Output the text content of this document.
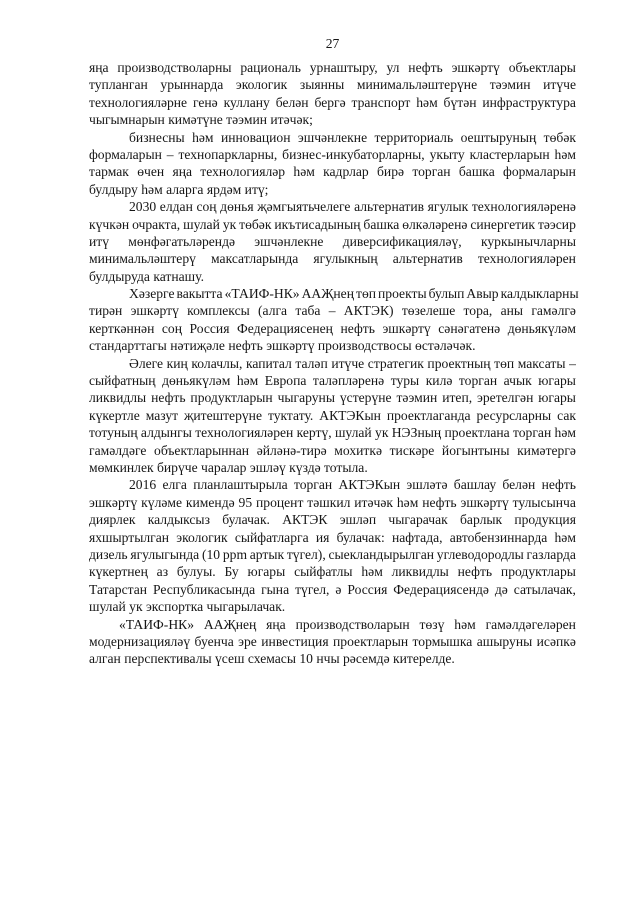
27
яңа производстволарны рациональ урнаштыру, ул нефть эшкәртү объектлары
тупланган урыннарда экологик зыянны минимальләштерүне тәэмин итүче
технологияләрне генә куллану белән бергә транспорт һәм бүтән инфраструктура
чыгымнарын кимәтүне тәэмин итәчәк;
бизнесны һәм инновацион эшчәнлекне территориаль оештыруның төбәк
формаларын – технопаркларны, бизнес-инкубаторларны, укыту кластерларын һәм
тармак өчен яңа технологияләр һәм кадрлар бирә торган башка формаларын
булдыру һәм аларга ярдәм итү;
2030 елдан соң дөнья җәмгыятьчелеге альтернатив ягулык технологияләренә
күчкән очракта, шулай ук төбәк икътисадының башка өлкәләренә синергетик тәэсир
итү мөнфәгатьләрендә эшчәнлекне диверсификацияләү, куркынычларны
минимальләштерү максатларында ягулыкның альтернатив технологияләрен
булдыруда катнашу.
Хәзерге вакытта «ТАИФ-НК» ААҖнең төп проекты булып Авыр калдыкларны
тирән эшкәртү комплексы (алга таба – АКТЭК) төзелеше тора, аны гамәлгә
керткәннән соң Россия Федерациясенең нефть эшкәртү сәнәгатенә дөньякүләм
стандарттагы нәтиҗәле нефть эшкәртү производствосы өстәләчәк.
Әлеге киң колачлы, капитал таләп итүче стратегик проектның төп максаты –
сыйфатның дөньякүләм һәм Европа таләпләренә туры килә торган ачык югары
ликвидлы нефть продуктларын чыгаруны үстерүне тәэмин итеп, эретелгән югары
күкертле мазут җитештерүне туктату. АКТЭКын проектлаганда ресурсларны сак
тотуның алдынгы технологияләрен кертү, шулай ук НЭЗның проектлана торган һәм
гамәлдәге объектларыннан әйләнә-тирә мохиткә тискәре йогынтыны кимәтергә
мөмкинлек бирүче чаралар эшләү күздә тотыла.
2016 елга планлаштырыла торган АКТЭКын эшләтә башлау белән нефть
эшкәртү күләме кимендә 95 процент тәшкил итәчәк һәм нефть эшкәртү тулысынча
диярлек калдыксыз булачак. АКТЭК эшләп чыгарачак барлык продукция
яхшыртылган экологик сыйфатларга ия булачак: нафтада, автобензиннарда һәм
дизель ягулыгында (10 ppm артык түгел), сыекландырылган углеводородлы газларда
күкертнең аз булуы. Бу югары сыйфатлы һәм ликвидлы нефть продуктлары
Татарстан Республикасында гына түгел, ә Россия Федерациясендә дә сатылачак,
шулай ук экспортка чыгарылачак.
«ТАИФ-НК» ААҖнең яңа производстволарын төзү һәм гамәлдәгеләрен
модернизацияләү буенча эре инвестиция проектларын тормышка ашыруны исәпкә
алган перспективалы үсеш схемасы 10 нчы рәсемдә китерелде.
